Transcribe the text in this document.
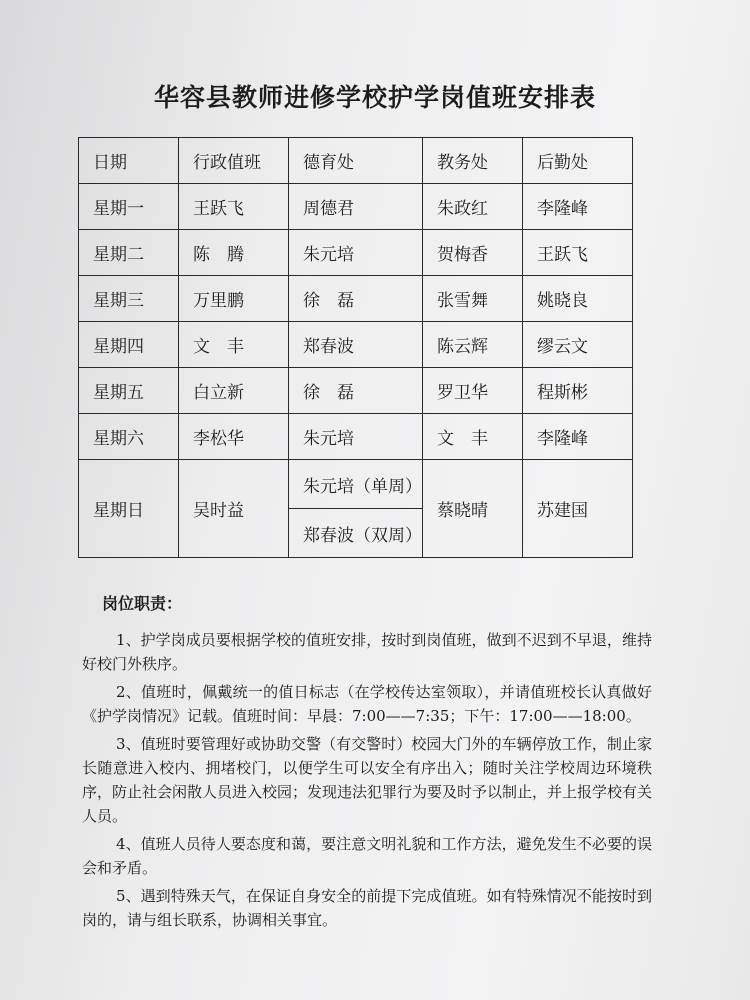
华容县教师进修学校护学岗值班安排表
日期	行政值班	德育处	教务处	后勤处
星期一	王跃飞	周德君	朱政红	李隆峰
星期二	陈　腾	朱元培	贺梅香	王跃飞
星期三	万里鹏	徐　磊	张雪舞	姚晓良
星期四	文　丰	郑春波	陈云辉	缪云文
星期五	白立新	徐　磊	罗卫华	程斯彬
星期六	李松华	朱元培	文　丰	李隆峰
星期日	吴时益	朱元培（单周）	蔡晓晴	苏建国
		郑春波（双周）		
岗位职责：

1、护学岗成员要根据学校的值班安排，按时到岗值班，做到不迟到不早退，维持好校门外秩序。

2、值班时，佩戴统一的值日标志（在学校传达室领取），并请值班校长认真做好《护学岗情况》记载。值班时间：早晨：7:00——7:35；下午：17:00——18:00。

3、值班时要管理好或协助交警（有交警时）校园大门外的车辆停放工作，制止家长随意进入校内、拥堵校门，以便学生可以安全有序出入；随时关注学校周边环境秩序，防止社会闲散人员进入校园；发现违法犯罪行为要及时予以制止，并上报学校有关人员。

4、值班人员待人要态度和蔼，要注意文明礼貌和工作方法，避免发生不必要的误会和矛盾。

5、遇到特殊天气，在保证自身安全的前提下完成值班。如有特殊情况不能按时到岗的，请与组长联系，协调相关事宜。
